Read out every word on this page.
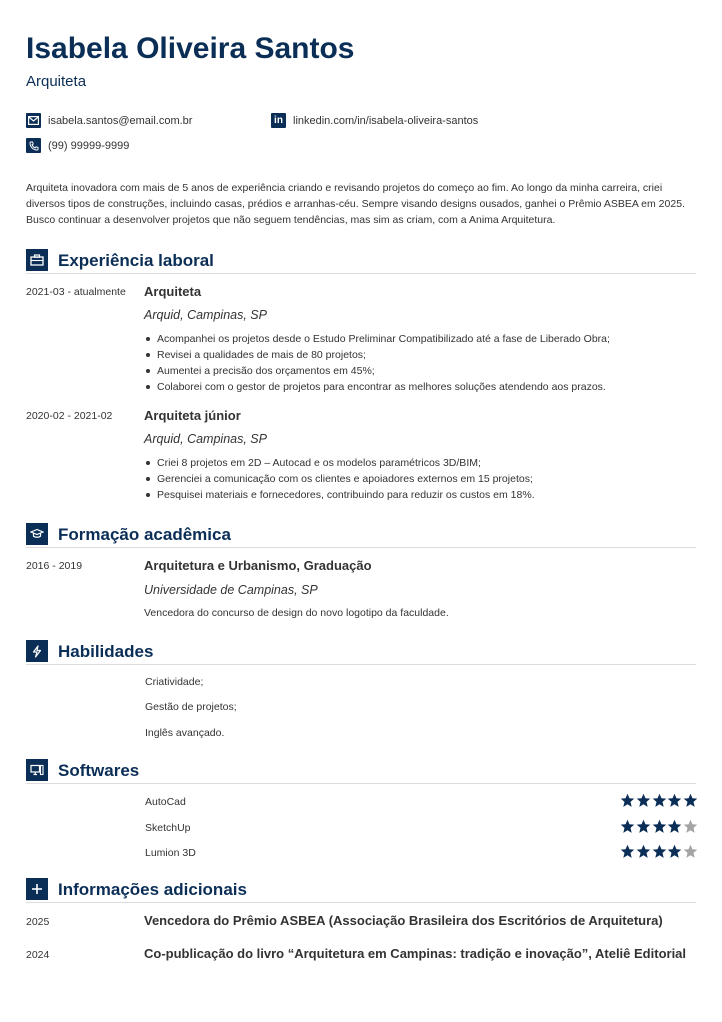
Isabela Oliveira Santos
Arquiteta
isabela.santos@email.com.br	in linkedin.com/in/isabela-oliveira-santos
(99) 99999-9999

Arquiteta inovadora com mais de 5 anos de experiência criando e revisando projetos do começo ao fim. Ao longo da minha carreira, criei diversos tipos de construções, incluindo casas, prédios e arranhas-céu. Sempre visando designs ousados, ganhei o Prêmio ASBEA em 2025. Busco continuar a desenvolver projetos que não seguem tendências, mas sim as criam, com a Anima Arquitetura.

Experiência laboral
2021-03 - atualmente Arquiteta
Arquid, Campinas, SP
Acompanhei os projetos desde o Estudo Preliminar Compatibilizado até a fase de Liberado Obra;
Revisei a qualidades de mais de 80 projetos;
Aumentei a precisão dos orçamentos em 45%;
Colaborei com o gestor de projetos para encontrar as melhores soluções atendendo aos prazos.
2020-02 - 2021-02 Arquiteta júnior
Arquid, Campinas, SP
Criei 8 projetos em 2D – Autocad e os modelos paramétricos 3D/BIM;
Gerenciei a comunicação com os clientes e apoiadores externos em 15 projetos;
Pesquisei materiais e fornecedores, contribuindo para reduzir os custos em 18%.
Formação acadêmica
2016 - 2019	Arquitetura e Urbanismo, Graduação
Universidade de Campinas, SP
Vencedora do concurso de design do novo logotipo da faculdade.
Habilidades
Criatividade;
Gestão de projetos;
Inglês avançado.
Softwares
AutoCad
SketchUp
Lumion 3D
Informações adicionais
2025	Vencedora do Prêmio ASBEA (Associação Brasileira dos Escritórios de Arquitetura)
2024	Co-publicação do livro “Arquitetura em Campinas: tradição e inovação”, Ateliê Editorial
